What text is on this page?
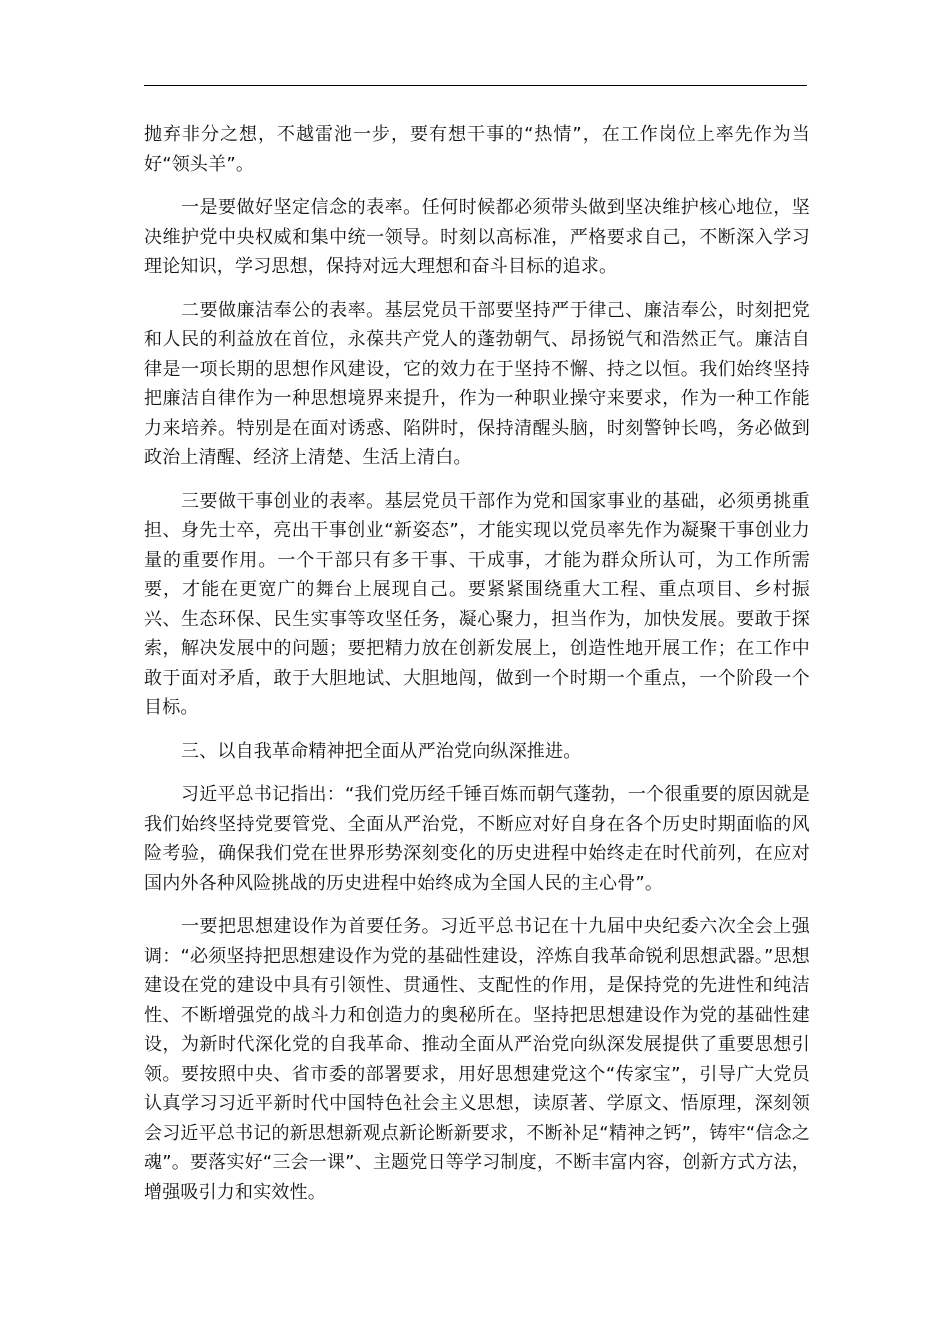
抛弃非分之想，不越雷池一步，要有想干事的“热情”，在工作岗位上率先作为当好“领头羊”。

一是要做好坚定信念的表率。任何时候都必须带头做到坚决维护核心地位，坚决维护党中央权威和集中统一领导。时刻以高标准，严格要求自己，不断深入学习理论知识，学习思想，保持对远大理想和奋斗目标的追求。

二要做廉洁奉公的表率。基层党员干部要坚持严于律己、廉洁奉公，时刻把党和人民的利益放在首位，永葆共产党人的蓬勃朝气、昂扬锐气和浩然正气。廉洁自律是一项长期的思想作风建设，它的效力在于坚持不懈、持之以恒。我们始终坚持把廉洁自律作为一种思想境界来提升，作为一种职业操守来要求，作为一种工作能力来培养。特别是在面对诱惑、陷阱时，保持清醒头脑，时刻警钟长鸣，务必做到政治上清醒、经济上清楚、生活上清白。

三要做干事创业的表率。基层党员干部作为党和国家事业的基础，必须勇挑重担、身先士卒，亮出干事创业“新姿态”，才能实现以党员率先作为凝聚干事创业力量的重要作用。一个干部只有多干事、干成事，才能为群众所认可，为工作所需要，才能在更宽广的舞台上展现自己。要紧紧围绕重大工程、重点项目、乡村振兴、生态环保、民生实事等攻坚任务，凝心聚力，担当作为，加快发展。要敢于探索，解决发展中的问题；要把精力放在创新发展上，创造性地开展工作；在工作中敢于面对矛盾，敢于大胆地试、大胆地闯，做到一个时期一个重点，一个阶段一个目标。

三、以自我革命精神把全面从严治党向纵深推进。

习近平总书记指出：“我们党历经千锤百炼而朝气蓬勃，一个很重要的原因就是我们始终坚持党要管党、全面从严治党，不断应对好自身在各个历史时期面临的风险考验，确保我们党在世界形势深刻变化的历史进程中始终走在时代前列，在应对国内外各种风险挑战的历史进程中始终成为全国人民的主心骨”。

一要把思想建设作为首要任务。习近平总书记在十九届中央纪委六次全会上强调：“必须坚持把思想建设作为党的基础性建设，淬炼自我革命锐利思想武器。”思想建设在党的建设中具有引领性、贯通性、支配性的作用，是保持党的先进性和纯洁性、不断增强党的战斗力和创造力的奥秘所在。坚持把思想建设作为党的基础性建设，为新时代深化党的自我革命、推动全面从严治党向纵深发展提供了重要思想引领。要按照中央、省市委的部署要求，用好思想建党这个“传家宝”，引导广大党员认真学习习近平新时代中国特色社会主义思想，读原著、学原文、悟原理，深刻领会习近平总书记的新思想新观点新论断新要求，不断补足“精神之钙”，铸牢“信念之魂”。要落实好“三会一课”、主题党日等学习制度，不断丰富内容，创新方式方法，增强吸引力和实效性。
